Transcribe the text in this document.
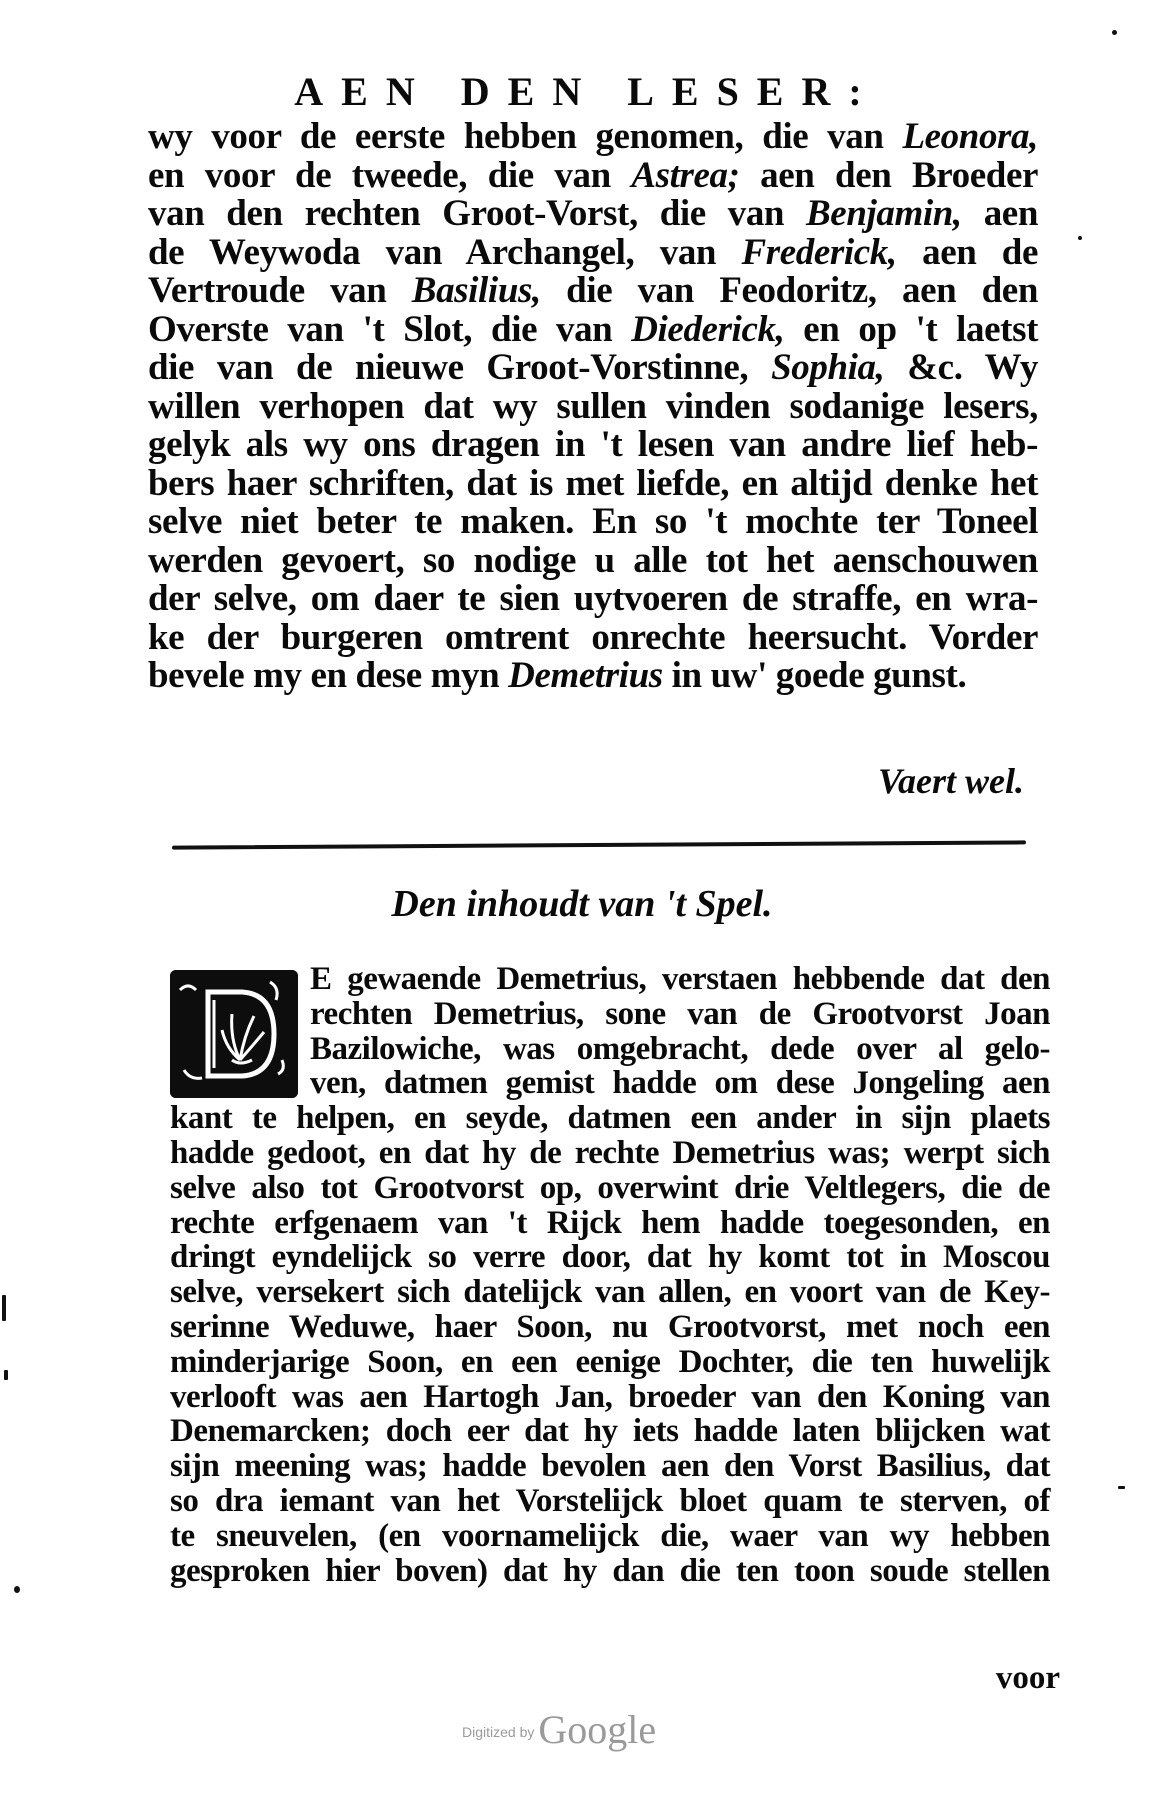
AEN DEN LESER:
wy voor de eerste hebben genomen, die van Leonora,
en voor de tweede, die van Astrea; aen den Broeder
van den rechten Groot-Vorst, die van Benjamin, aen
de Weywoda van Archangel, van Frederick, aen de
Vertroude van Basilius, die van Feodoritz, aen den
Overste van 't Slot, die van Diederick, en op 't laetst
die van de nieuwe Groot-Vorstinne, Sophia, &c. Wy
willen verhopen dat wy sullen vinden sodanige lesers,
gelyk als wy ons dragen in 't lesen van andre lief heb-
bers haer schriften, dat is met liefde, en altijd denke het
selve niet beter te maken. En so 't mochte ter Toneel
werden gevoert, so nodige u alle tot het aenschouwen
der selve, om daer te sien uytvoeren de straffe, en wra-
ke der burgeren omtrent onrechte heersucht. Vorder
bevele my en dese myn Demetrius in uw' goede gunst.
Vaert wel.
Den inhoudt van 't Spel.
E gewaende Demetrius, verstaen hebbende dat den
rechten Demetrius, sone van de Grootvorst Joan
Bazilowiche, was omgebracht, dede over al gelo-
ven, datmen gemist hadde om dese Jongeling aen
kant te helpen, en seyde, datmen een ander in sijn plaets
hadde gedoot, en dat hy de rechte Demetrius was; werpt sich
selve also tot Grootvorst op, overwint drie Veltlegers, die de
rechte erfgenaem van 't Rijck hem hadde toegesonden, en
dringt eyndelijck so verre door, dat hy komt tot in Moscou
selve, versekert sich datelijck van allen, en voort van de Key-
serinne Weduwe, haer Soon, nu Grootvorst, met noch een
minderjarige Soon, en een eenige Dochter, die ten huwelijk
verlooft was aen Hartogh Jan, broeder van den Koning van
Denemarcken; doch eer dat hy iets hadde laten blijcken wat
sijn meening was; hadde bevolen aen den Vorst Basilius, dat
so dra iemant van het Vorstelijck bloet quam te sterven, of
te sneuvelen, (en voornamelijck die, waer van wy hebben
gesproken hier boven) dat hy dan die ten toon soude stellen
voor
Digitized by Google
